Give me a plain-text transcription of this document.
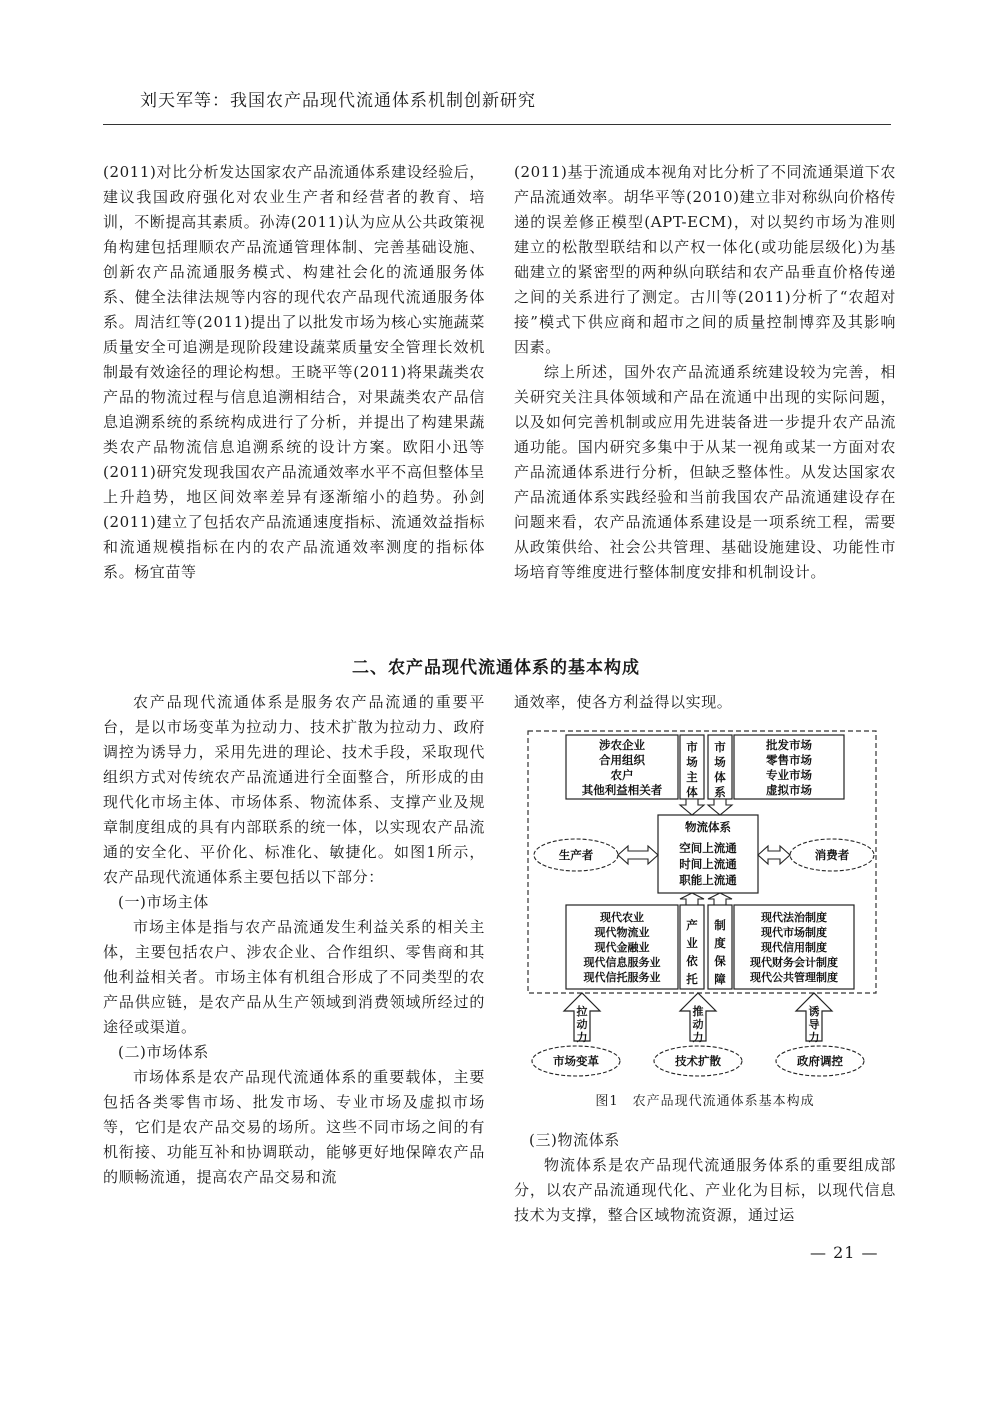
刘天军等：我国农产品现代流通体系机制创新研究

(2011)对比分析发达国家农产品流通体系建设经验后，建议我国政府强化对农业生产者和经营者的教育、培训，不断提高其素质。孙涛(2011)认为应从公共政策视角构建包括理顺农产品流通管理体制、完善基础设施、创新农产品流通服务模式、构建社会化的流通服务体系、健全法律法规等内容的现代农产品现代流通服务体系。周洁红等(2011)提出了以批发市场为核心实施蔬菜质量安全可追溯是现阶段建设蔬菜质量安全管理长效机制最有效途径的理论构想。王晓平等(2011)将果蔬类农产品的物流过程与信息追溯相结合，对果蔬类农产品信息追溯系统的系统构成进行了分析，并提出了构建果蔬类农产品物流信息追溯系统的设计方案。欧阳小迅等(2011)研究发现我国农产品流通效率水平不高但整体呈上升趋势，地区间效率差异有逐渐缩小的趋势。孙剑(2011)建立了包括农产品流通速度指标、流通效益指标和流通规模指标在内的农产品流通效率测度的指标体系。杨宜苗等

(2011)基于流通成本视角对比分析了不同流通渠道下农产品流通效率。胡华平等(2010)建立非对称纵向价格传递的误差修正模型(APT-ECM)，对以契约市场为准则建立的松散型联结和以产权一体化(或功能层级化)为基础建立的紧密型的两种纵向联结和农产品垂直价格传递之间的关系进行了测定。古川等(2011)分析了“农超对接”模式下供应商和超市之间的质量控制博弈及其影响因素。

综上所述，国外农产品流通系统建设较为完善，相关研究关注具体领域和产品在流通中出现的实际问题，以及如何完善机制或应用先进装备进一步提升农产品流通功能。国内研究多集中于从某一视角或某一方面对农产品流通体系进行分析，但缺乏整体性。从发达国家农产品流通体系实践经验和当前我国农产品流通建设存在问题来看，农产品流通体系建设是一项系统工程，需要从政策供给、社会公共管理、基础设施建设、功能性市场培育等维度进行整体制度安排和机制设计。

二、农产品现代流通体系的基本构成

农产品现代流通体系是服务农产品流通的重要平台，是以市场变革为拉动力、技术扩散为拉动力、政府调控为诱导力，采用先进的理论、技术手段，采取现代组织方式对传统农产品流通进行全面整合，所形成的由现代化市场主体、市场体系、物流体系、支撑产业及规章制度组成的具有内部联系的统一体，以实现农产品流通的安全化、平价化、标准化、敏捷化。如图1所示，农产品现代流通体系主要包括以下部分：

(一)市场主体

市场主体是指与农产品流通发生利益关系的相关主体，主要包括农户、涉农企业、合作组织、零售商和其他利益相关者。市场主体有机组合形成了不同类型的农产品供应链，是农产品从生产领域到消费领域所经过的途径或渠道。

(二)市场体系

市场体系是农产品现代流通体系的重要载体，主要包括各类零售市场、批发市场、专业市场及虚拟市场等，它们是农产品交易的场所。这些不同市场之间的有机衔接、功能互补和协调联动，能够更好地保障农产品的顺畅流通，提高农产品交易和流

通效率，使各方利益得以实现。

涉农企业
合用组织
农户
其他利益相关者
市
场
主
体
市
场
体
系
批发市场
零售市场
专业市场
虚拟市场
物流体系
空间上流通
时间上流通
职能上流通
生产者	消费者
现代农业
现代物流业
现代金融业
现代信息服务业
现代信托服务业
产
业
依
托
制
度
保
障
现代法治制度
现代市场制度
现代信用制度
现代财务会计制度
现代公共管理制度
拉
动
力
推
动
力
诱
导
力
市场变革	技术扩散	政府调控
图1　农产品现代流通体系基本构成

(三)物流体系

物流体系是农产品现代流通服务体系的重要组成部分，以农产品流通现代化、产业化为目标，以现代信息技术为支撑，整合区域物流资源，通过运

— 21 —
